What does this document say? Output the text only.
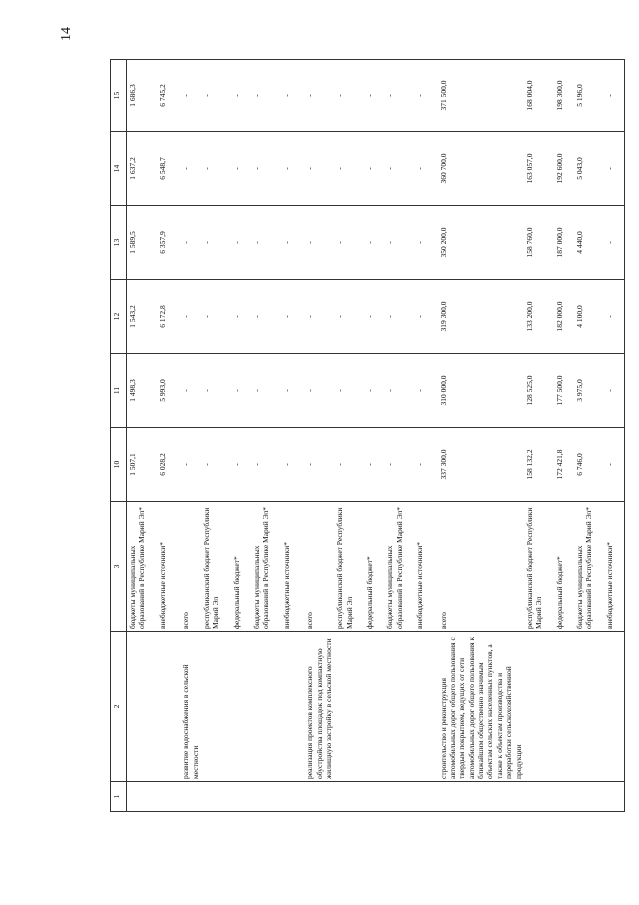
14
1	2	3	10	11	12	13	14	15
		бюджеты муниципальных образований в Республике Марий Эл*	1 507,1	1 498,3	1 543,2	1 589,5	1 637,2	1 686,3
		внебюджетные источники*	6 028,2	5 993,0	6 172,8	6 357,9	6 548,7	6 745,2
	развитие водоснабжения в сельской местности	всего	-	-	-	-	-	-
		республиканский бюджет Республики Марий Эл	-	-	-	-	-	-
		федеральный бюджет*	-	-	-	-	-	-
		бюджеты муниципальных образований в Республике Марий Эл*	-	-	-	-	-	-
		внебюджетные источники*	-	-	-	-	-	-
	реализация проектов комплексного обустройства площадок под компактную жилищную застройку в сельской местности	всего	-	-	-	-	-	-
		республиканский бюджет Республики Марий Эл	-	-	-	-	-	-
		федеральный бюджет*	-	-	-	-	-	-
		бюджеты муниципальных образований в Республике Марий Эл*	-	-	-	-	-	-
		внебюджетные источники*	-	-	-	-	-	-
	строительство и реконструкция автомобильных дорог общего пользования с твердым покрытием, ведущих от сети автомобильных дорог общего пользования к ближайшим общественно значимым объектам сельских населенных пунктов, а также к объектам производства и переработки сельскохозяйственной продукции	всего	337 300,0	310 000,0	319 300,0	350 200,0	360 700,0	371 500,0
		республиканский бюджет Республики Марий Эл	158 132,2	128 525,0	133 200,0	158 760,0	163 057,0	168 004,0
		федеральный бюджет*	172 421,8	177 500,0	182 000,0	187 000,0	192 600,0	198 300,0
		бюджеты муниципальных образований в Республике Марий Эл*	6 746,0	3 975,0	4 100,0	4 440,0	5 043,0	5 196,0
		внебюджетные источники*	-	-	-	-	-	-
